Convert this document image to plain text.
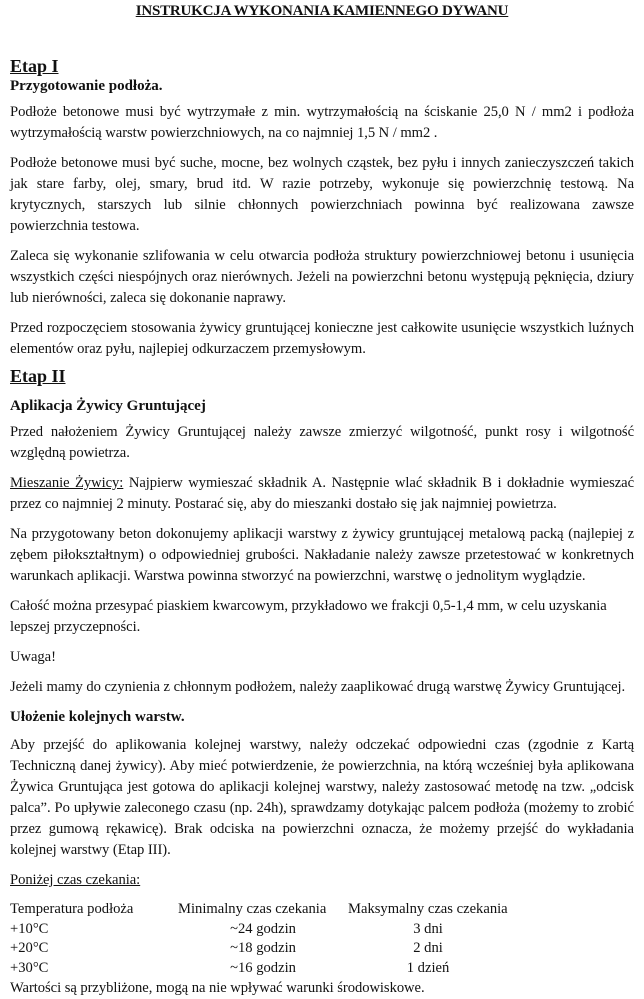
INSTRUKCJA WYKONANIA KAMIENNEGO DYWANU
Etap I
Przygotowanie podłoża.

Podłoże betonowe musi być wytrzymałe z min. wytrzymałością na ściskanie 25,0 N / mm2 i podłoża wytrzymałością warstw powierzchniowych, na co najmniej 1,5 N / mm2 .

Podłoże betonowe musi być suche, mocne, bez wolnych cząstek, bez pyłu i innych zanieczyszczeń takich jak stare farby, olej, smary, brud itd. W razie potrzeby, wykonuje się powierzchnię testową. Na krytycznych, starszych lub silnie chłonnych powierzchniach powinna być realizowana zawsze powierzchnia testowa.

Zaleca się wykonanie szlifowania w celu otwarcia podłoża struktury powierzchniowej betonu i usunięcia wszystkich części niespójnych oraz nierównych. Jeżeli na powierzchni betonu występują pęknięcia, dziury lub nierówności, zaleca się dokonanie naprawy.

Przed rozpoczęciem stosowania żywicy gruntującej konieczne jest całkowite usunięcie wszystkich luźnych elementów oraz pyłu, najlepiej odkurzaczem przemysłowym.

Etap II
Aplikacja Żywicy Gruntującej

Przed nałożeniem Żywicy Gruntującej należy zawsze zmierzyć wilgotność, punkt rosy i wilgotność względną powietrza.

Mieszanie Żywicy: Najpierw wymieszać składnik A. Następnie wlać składnik B i dokładnie wymieszać przez co najmniej 2 minuty. Postarać się, aby do mieszanki dostało się jak najmniej powietrza.

Na przygotowany beton dokonujemy aplikacji warstwy z żywicy gruntującej metalową packą (najlepiej z zębem piłokształtnym) o odpowiedniej grubości. Nakładanie należy zawsze przetestować w konkretnych warunkach aplikacji. Warstwa powinna stworzyć na powierzchni, warstwę o jednolitym wyglądzie.

Całość można przesypać piaskiem kwarcowym, przykładowo we frakcji 0,5-1,4 mm, w celu uzyskania lepszej przyczepności.

Uwaga!

Jeżeli mamy do czynienia z chłonnym podłożem, należy zaaplikować drugą warstwę Żywicy Gruntującej.

Ułożenie kolejnych warstw.

Aby przejść do aplikowania kolejnej warstwy, należy odczekać odpowiedni czas (zgodnie z Kartą Techniczną danej żywicy). Aby mieć potwierdzenie, że powierzchnia, na którą wcześniej była aplikowana Żywica Gruntująca jest gotowa do aplikacji kolejnej warstwy, należy zastosować metodę na tzw. „odcisk palca”. Po upływie zaleconego czasu (np. 24h), sprawdzamy dotykając palcem podłoża (możemy to zrobić przez gumową rękawicę). Brak odciska na powierzchni oznacza, że możemy przejść do wykładania kolejnej warstwy (Etap III).

Poniżej czas czekania:

Temperatura podłoża	Minimalny czas czekania	Maksymalny czas czekania
+10°C	~24 godzin	3 dni
+20°C	~18 godzin	2 dni
+30°C	~16 godzin	1 dzień

Wartości są przybliżone, mogą na nie wpływać warunki środowiskowe.
